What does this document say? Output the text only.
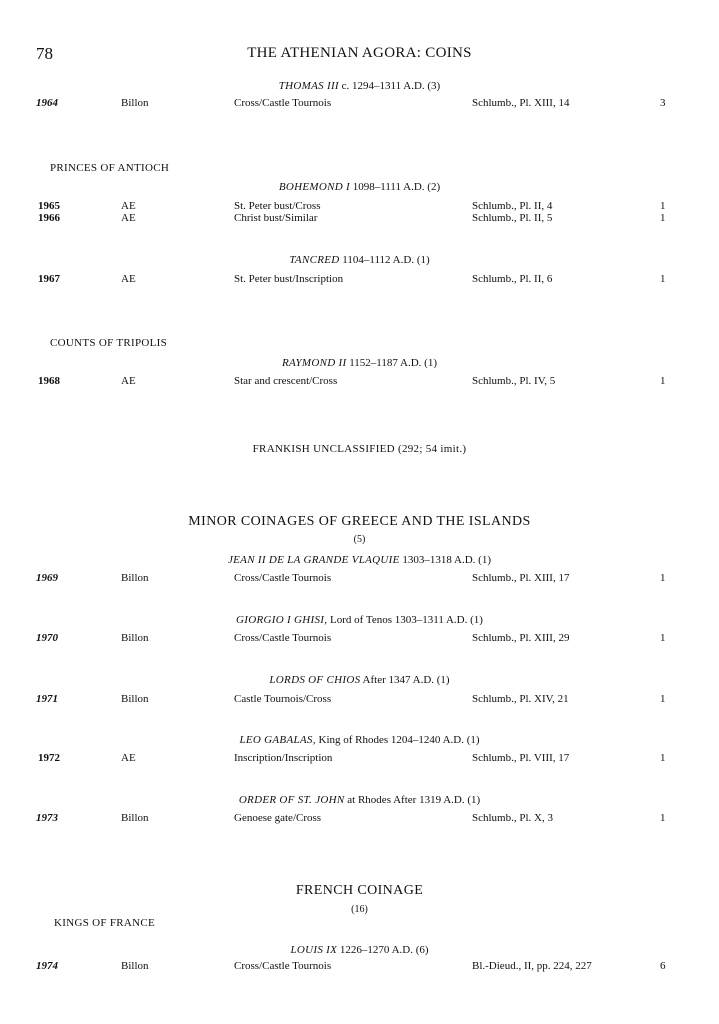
78	THE ATHENIAN AGORA: COINS
THOMAS III c. 1294–1311 A.D. (3)
1964	Billon	Cross/Castle Tournois	Schlumb., Pl. XIII, 14	3
PRINCES OF ANTIOCH
BOHEMOND I 1098–1111 A.D. (2)
1965	AE	St. Peter bust/Cross	Schlumb., Pl. II, 4	1
1966	AE	Christ bust/Similar	Schlumb., Pl. II, 5	1
TANCRED 1104–1112 A.D. (1)
1967	AE	St. Peter bust/Inscription	Schlumb., Pl. II, 6	1
COUNTS OF TRIPOLIS
RAYMOND II 1152–1187 A.D. (1)
1968	AE	Star and crescent/Cross	Schlumb., Pl. IV, 5	1
FRANKISH UNCLASSIFIED (292; 54 imit.)
MINOR COINAGES OF GREECE AND THE ISLANDS
(5)
JEAN II DE LA GRANDE VLAQUIE 1303–1318 A.D. (1)
1969	Billon	Cross/Castle Tournois	Schlumb., Pl. XIII, 17	1
GIORGIO I GHISI, Lord of Tenos 1303–1311 A.D. (1)
1970	Billon	Cross/Castle Tournois	Schlumb., Pl. XIII, 29	1
LORDS OF CHIOS After 1347 A.D. (1)
1971	Billon	Castle Tournois/Cross	Schlumb., Pl. XIV, 21	1
LEO GABALAS, King of Rhodes 1204–1240 A.D. (1)
1972	AE	Inscription/Inscription	Schlumb., Pl. VIII, 17	1
ORDER OF ST. JOHN at Rhodes After 1319 A.D. (1)
1973	Billon	Genoese gate/Cross	Schlumb., Pl. X, 3	1
FRENCH COINAGE
(16)
KINGS OF FRANCE
LOUIS IX 1226–1270 A.D. (6)
1974	Billon	Cross/Castle Tournois	Bl.-Dieud., II, pp. 224, 227	6
